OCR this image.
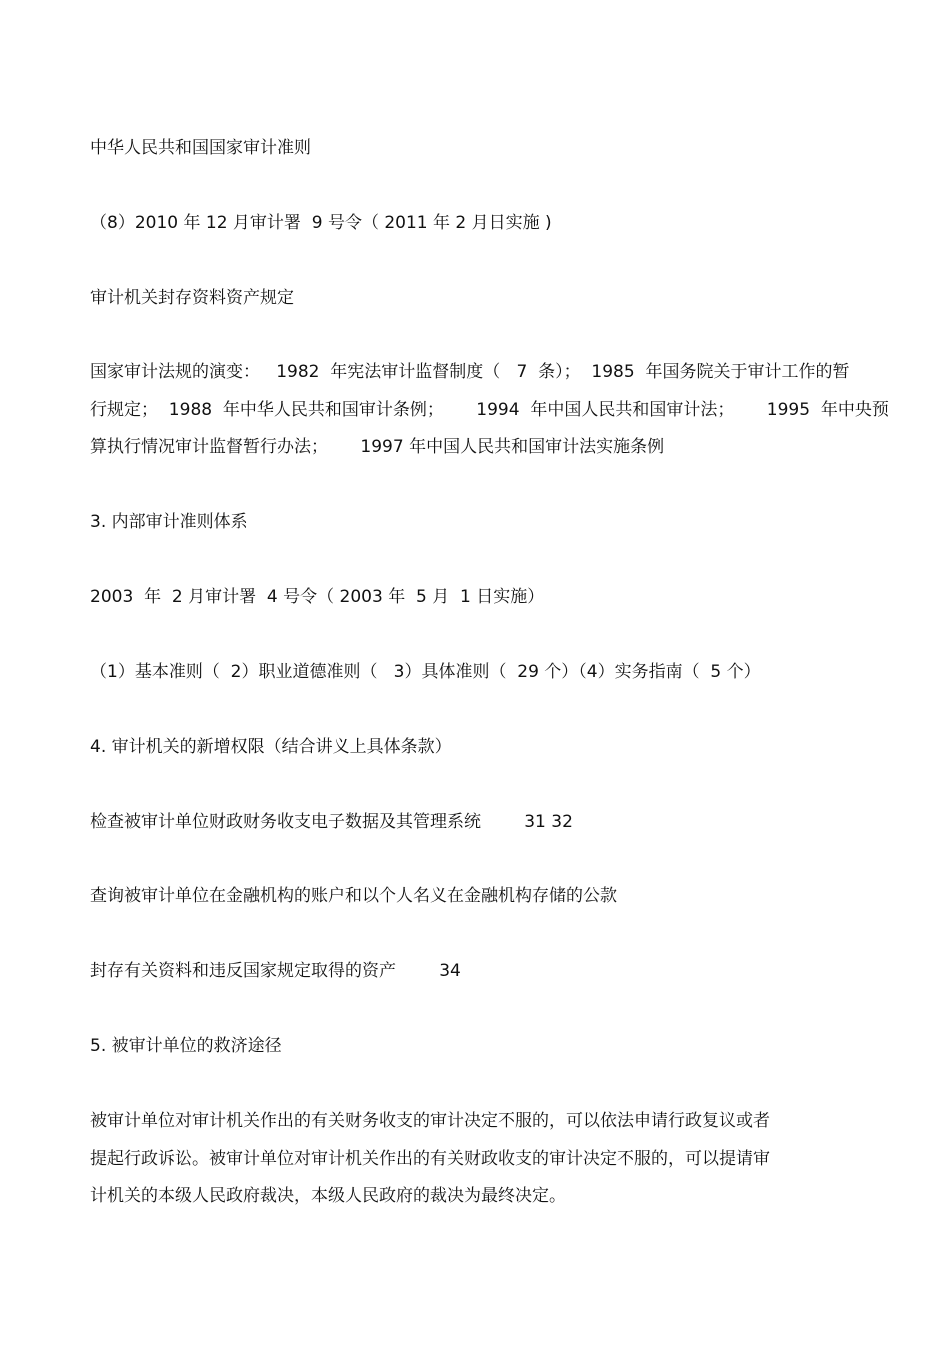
中华人民共和国国家审计准则
（8）2010 年 12 月审计署  9 号令（ 2011 年 2 月日实施 )
审计机关封存资料资产规定
国家审计法规的演变：   1982  年宪法审计监督制度（   7  条）；  1985  年国务院关于审计工作的暂
行规定；  1988  年中华人民共和国审计条例；      1994  年中国人民共和国审计法；      1995  年中央预
算执行情况审计监督暂行办法；      1997 年中国人民共和国审计法实施条例
3. 内部审计准则体系
2003  年  2 月审计署  4 号令（ 2003 年  5 月  1 日实施）
（1）基本准则（  2）职业道德准则（   3）具体准则（  29 个）（4）实务指南（  5 个）
4. 审计机关的新增权限（结合讲义上具体条款）
检查被审计单位财政财务收支电子数据及其管理系统        31 32
查询被审计单位在金融机构的账户和以个人名义在金融机构存储的公款
封存有关资料和违反国家规定取得的资产        34
5. 被审计单位的救济途径
被审计单位对审计机关作出的有关财务收支的审计决定不服的，可以依法申请行政复议或者
提起行政诉讼。被审计单位对审计机关作出的有关财政收支的审计决定不服的，可以提请审
计机关的本级人民政府裁决，本级人民政府的裁决为最终决定。
